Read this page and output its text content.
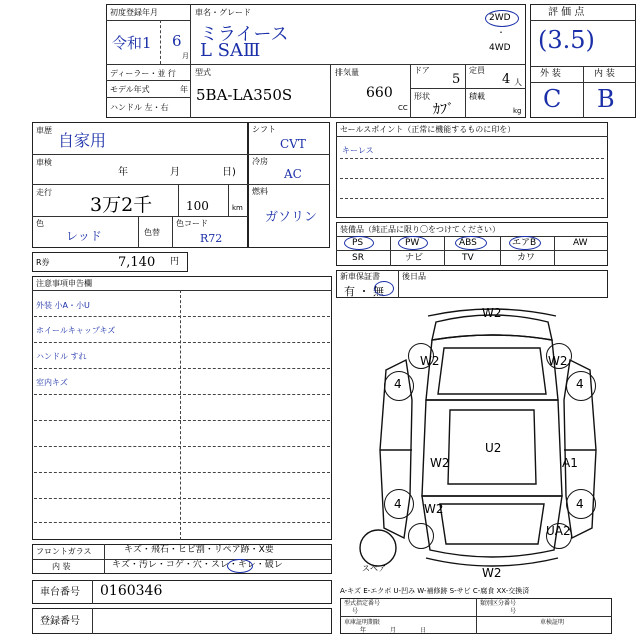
初度登録年月
令和1 6
月
車名・グレード
ミライース
L SAⅢ
2WD
・
4WD
ディーラー・並 行
モデル年式	年
ハンドル 左・右
型式
5BA-LA350S
排気量
660
CC
ドア
5
形状
ｶﾌﾞ
定員
4 人
積載
kg
評 価 点
(3.5)
外 装	内 装
C B
車歴
自家用
車検
年	月	日)
走行
3万2千	100	km
色
レッド	色替
色コード
R72
シフト
CVT
冷房
AC
燃料
ガソリン
R券	7,140 円
セールスポイント（正常に機能するものに印を）
キーレス
装備品（純正品に限り〇をつけてください）
PS	PW	ABS	エアB	AW
SR	ナビ	TV	カワ
新車保証書
有 ・ 無
後日品
注意事項申告欄
外装 小A・小U
ホイールキャップキズ
ハンドル すれ
室内キズ
フロントガラス	キズ・飛石・ヒビ割・リペア跡・X要
内 装	キズ・汚レ・コゲ・穴・スレ・キレ・破レ
W2
W2	W2
4	4
U2
W2	A1
4 W2	4
UA2
W2
スペア
A-キズ E-エクボ U-凹み W-補修跡 S-サビ C-腐食 XX-交換済
車台番号 0160346
登録番号
型式指定番号
号
類別区分番号
号
車庫証明期限
年	月	日
車検証明
